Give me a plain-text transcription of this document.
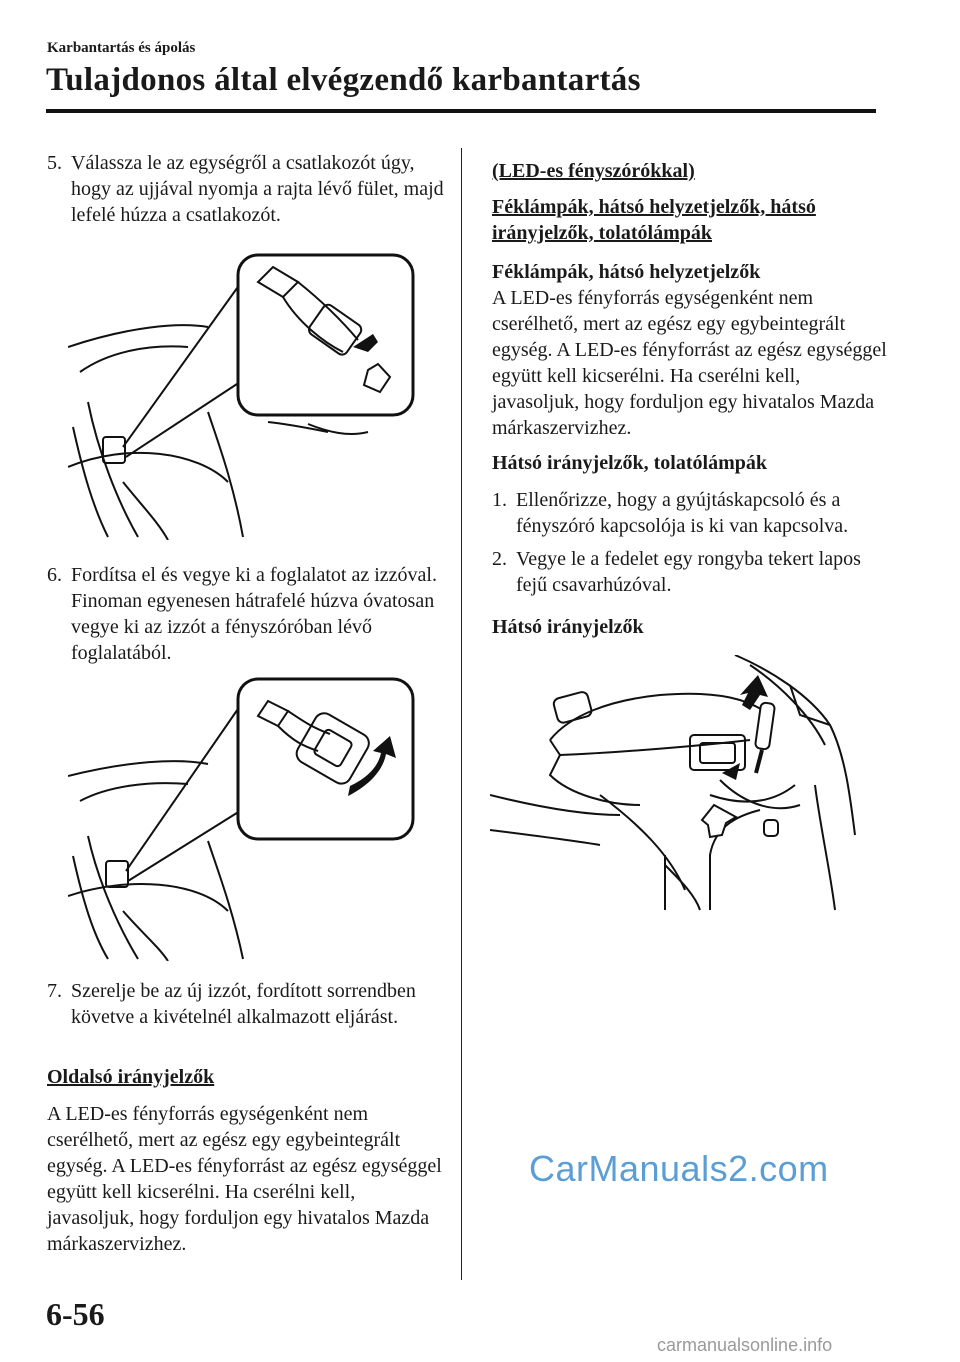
Karbantartás és ápolás
Tulajdonos által elvégzendő karbantartás
5. Válassza le az egységről a csatlakozót úgy, hogy az ujjával nyomja a rajta lévő fület, majd lefelé húzza a csatlakozót.
6. Fordítsa el és vegye ki a foglalatot az izzóval. Finoman egyenesen hátrafelé húzva óvatosan vegye ki az izzót a fényszóróban lévő foglalatából.
7. Szerelje be az új izzót, fordított sorrendben követve a kivételnél alkalmazott eljárást.
Oldalsó irányjelzők
A LED-es fényforrás egységenként nem cserélhető, mert az egész egy egybeintegrált egység. A LED-es fényforrást az egész egységgel együtt kell kicserélni. Ha cserélni kell, javasoljuk, hogy forduljon egy hivatalos Mazda márkaszervizhez.
(LED-es fényszórókkal)
Féklámpák, hátsó helyzetjelzők, hátsó irányjelzők, tolatólámpák
Féklámpák, hátsó helyzetjelzők
A LED-es fényforrás egységenként nem cserélhető, mert az egész egy egybeintegrált egység. A LED-es fényforrást az egész egységgel együtt kell kicserélni. Ha cserélni kell, javasoljuk, hogy forduljon egy hivatalos Mazda márkaszervizhez.
Hátsó irányjelzők, tolatólámpák
1. Ellenőrizze, hogy a gyújtáskapcsoló és a fényszóró kapcsolója is ki van kapcsolva.
2. Vegye le a fedelet egy rongyba tekert lapos fejű csavarhúzóval.
Hátsó irányjelzők
CarManuals2.com
6-56
carmanualsonline.info
